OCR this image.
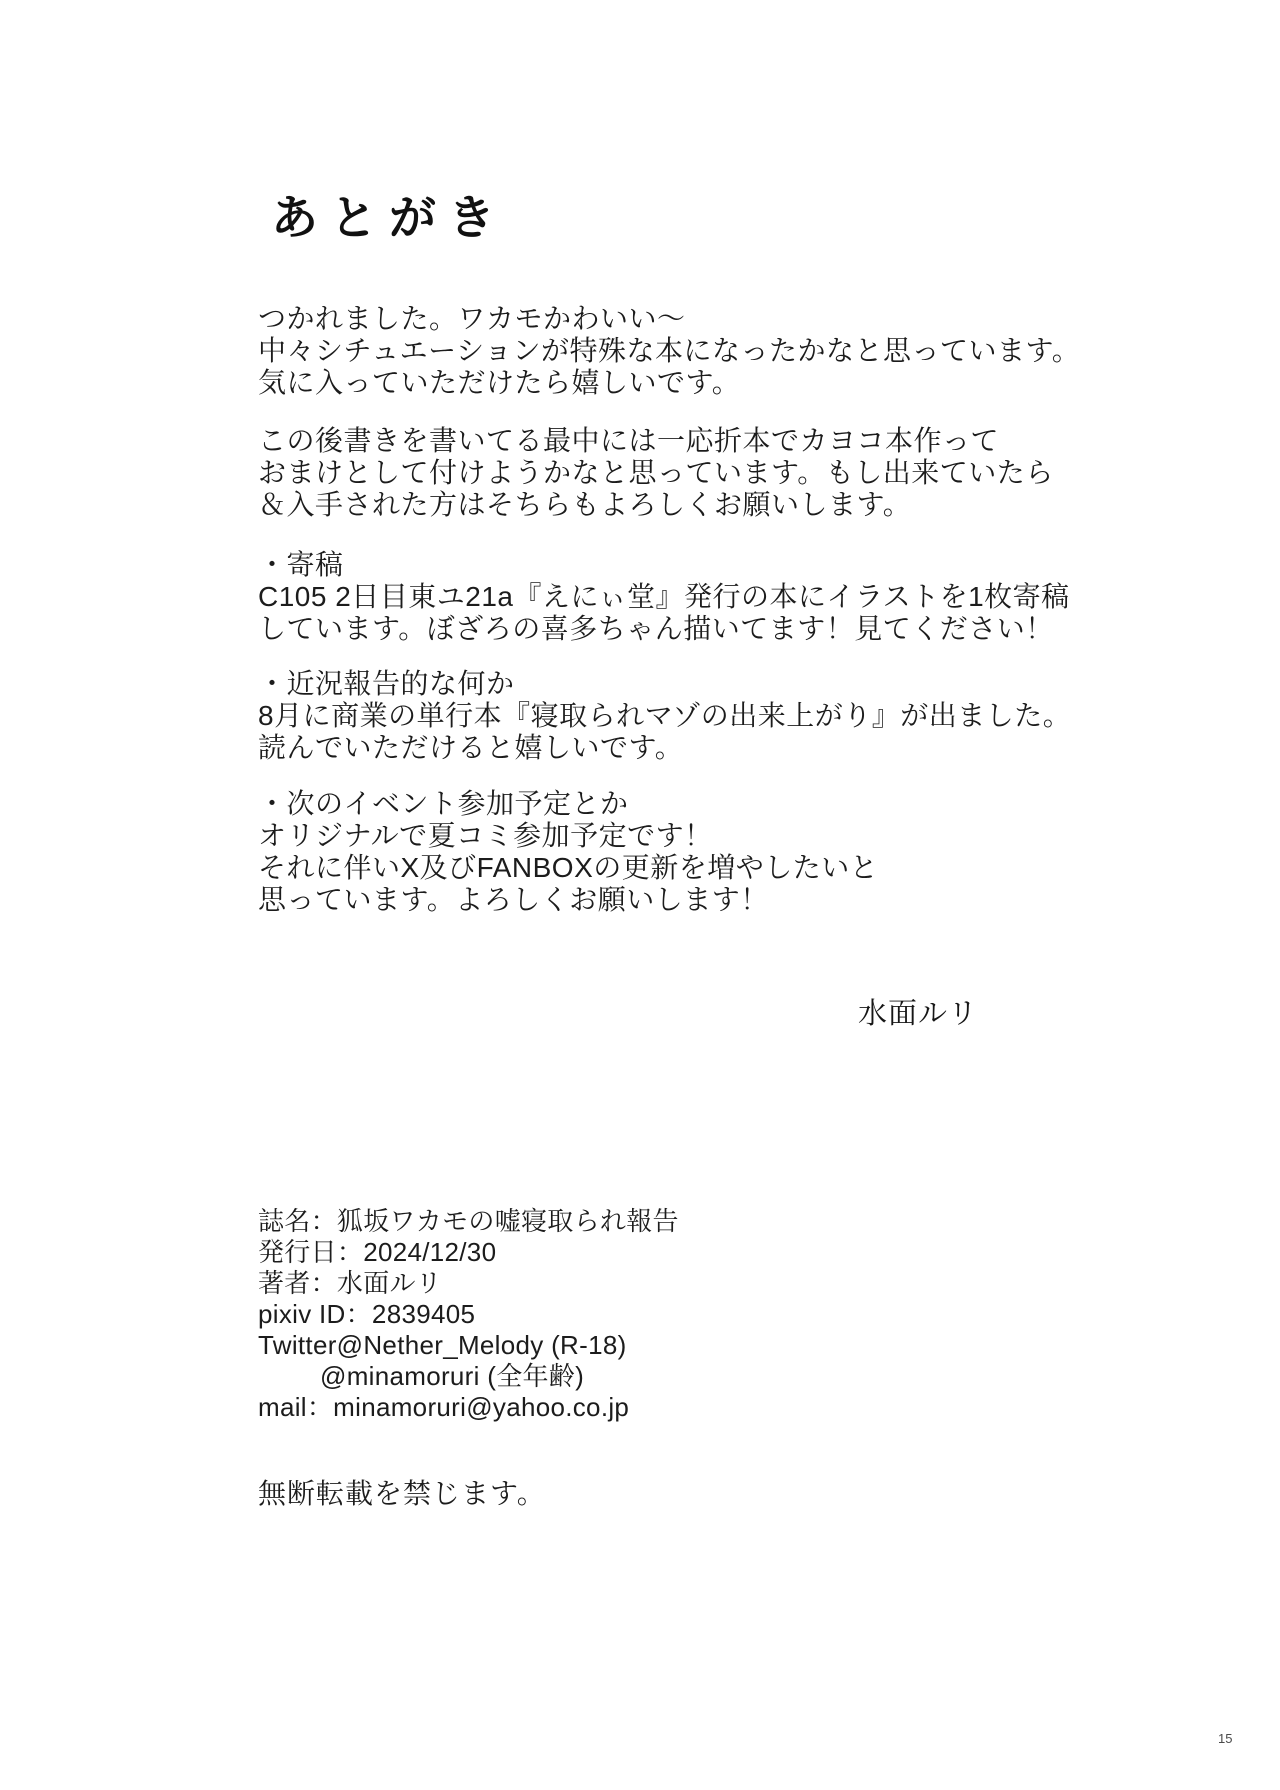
あとがき
つかれました。ワカモかわいい～
中々シチュエーションが特殊な本になったかなと思っています。
気に入っていただけたら嬉しいです。
この後書きを書いてる最中には一応折本でカヨコ本作って
おまけとして付けようかなと思っています。もし出来ていたら
＆入手された方はそちらもよろしくお願いします。
・寄稿
C105 2日目東ユ21a『えにぃ堂』発行の本にイラストを1枚寄稿
しています。ぼざろの喜多ちゃん描いてます！見てください！
・近況報告的な何か
8月に商業の単行本『寝取られマゾの出来上がり』が出ました。
読んでいただけると嬉しいです。
・次のイベント参加予定とか
オリジナルで夏コミ参加予定です！
それに伴いX及びFANBOXの更新を増やしたいと
思っています。よろしくお願いします！
水面ルリ
誌名：狐坂ワカモの嘘寝取られ報告
発行日：2024/12/30
著者：水面ルリ
pixiv ID：2839405
Twitter@Nether_Melody (R-18)
@minamoruri (全年齢)
mail：minamoruri@yahoo.co.jp
無断転載を禁じます。
15
